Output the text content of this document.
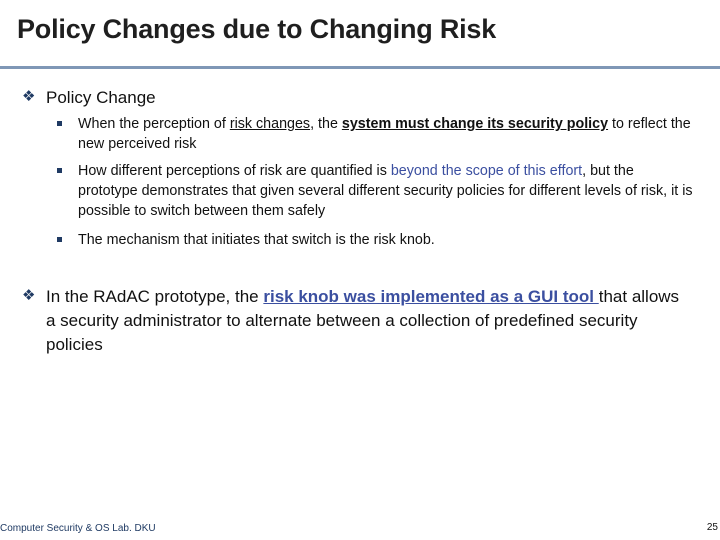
Policy Changes due to Changing Risk
❖ Policy Change
When the perception of risk changes, the system must change its security policy to reflect the new perceived risk
How different perceptions of risk are quantified is beyond the scope of this effort, but the prototype demonstrates that given several different security policies for different levels of risk, it is possible to switch between them safely
The mechanism that initiates that switch is the risk knob.
❖ In the RAdAC prototype, the risk knob was implemented as a GUI tool that allows a security administrator to alternate between a collection of predefined security policies
Computer Security & OS Lab. DKU	25
